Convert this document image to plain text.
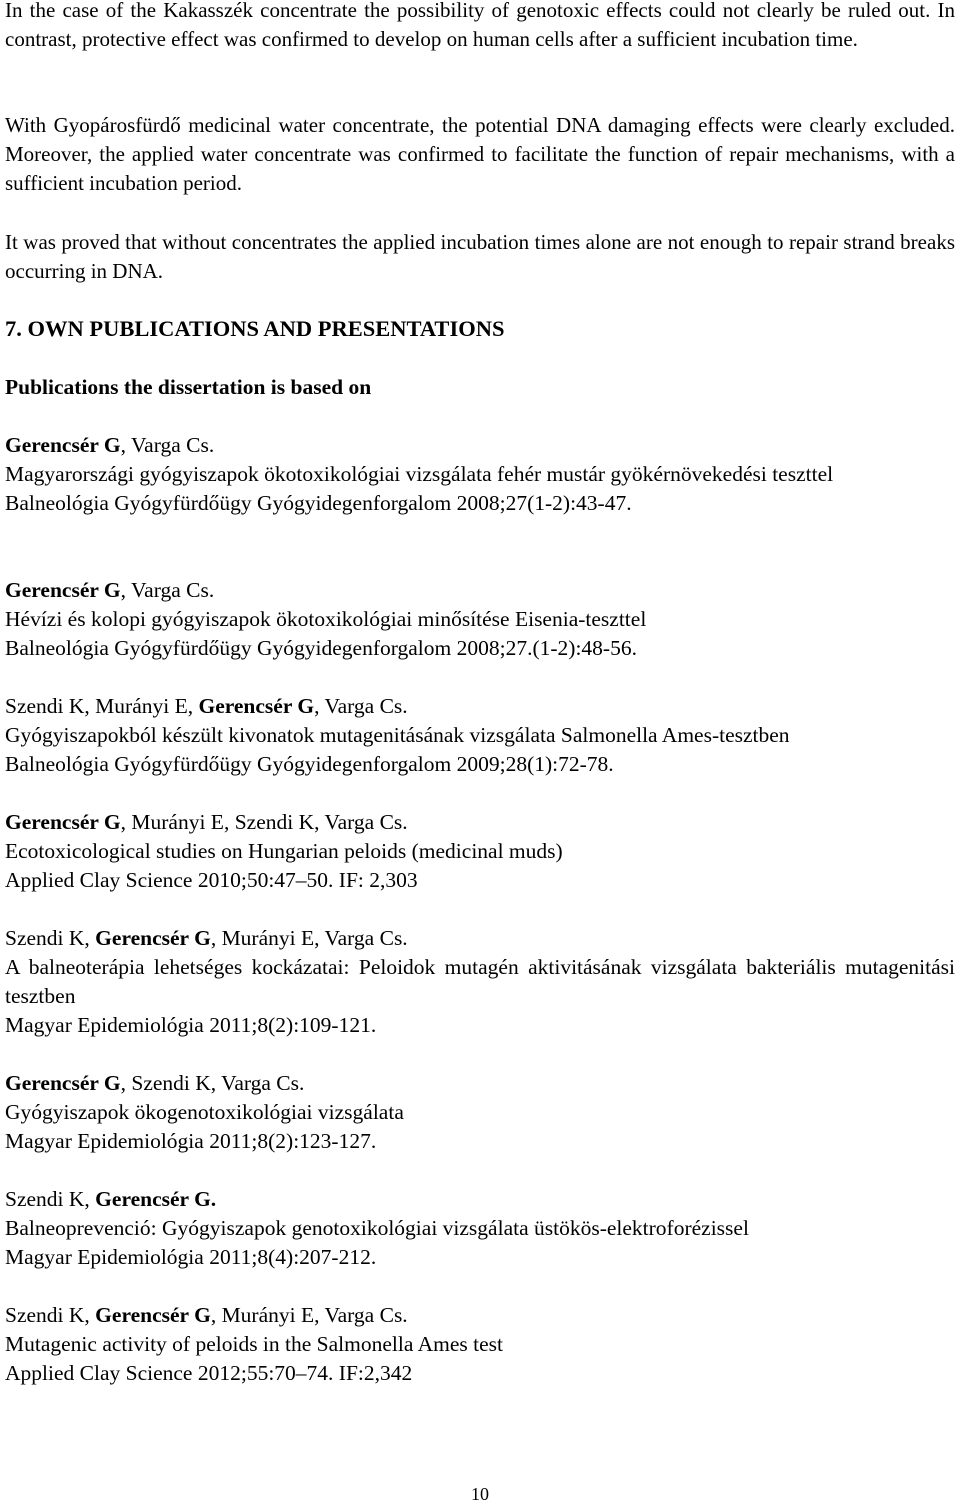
In the case of the Kakasszék concentrate the possibility of genotoxic effects could not clearly be ruled out. In contrast, protective effect was confirmed to develop on human cells after a sufficient incubation time.

With Gyopárosfürdő medicinal water concentrate, the potential DNA damaging effects were clearly excluded. Moreover, the applied water concentrate was confirmed to facilitate the function of repair mechanisms, with a sufficient incubation period.

It was proved that without concentrates the applied incubation times alone are not enough to repair strand breaks occurring in DNA.

7. OWN PUBLICATIONS AND PRESENTATIONS
Publications the dissertation is based on
Gerencsér G, Varga Cs.
Magyarországi gyógyiszapok ökotoxikológiai vizsgálata fehér mustár gyökérnövekedési teszttel
Balneológia Gyógyfürdőügy Gyógyidegenforgalom 2008;27(1-2):43-47.
Gerencsér G, Varga Cs.
Hévízi és kolopi gyógyiszapok ökotoxikológiai minősítése Eisenia-teszttel
Balneológia Gyógyfürdőügy Gyógyidegenforgalom 2008;27.(1-2):48-56.
Szendi K, Murányi E, Gerencsér G, Varga Cs.
Gyógyiszapokból készült kivonatok mutagenitásának vizsgálata Salmonella Ames-tesztben
Balneológia Gyógyfürdőügy Gyógyidegenforgalom 2009;28(1):72-78.
Gerencsér G, Murányi E, Szendi K, Varga Cs.
Ecotoxicological studies on Hungarian peloids (medicinal muds)
Applied Clay Science 2010;50:47–50. IF: 2,303
Szendi K, Gerencsér G, Murányi E, Varga Cs.
A balneoterápia lehetséges kockázatai: Peloidok mutagén aktivitásának vizsgálata bakteriális mutagenitási tesztben
Magyar Epidemiológia 2011;8(2):109-121.
Gerencsér G, Szendi K, Varga Cs.
Gyógyiszapok ökogenotoxikológiai vizsgálata
Magyar Epidemiológia 2011;8(2):123-127.
Szendi K, Gerencsér G.
Balneoprevenció: Gyógyiszapok genotoxikológiai vizsgálata üstökös-elektroforézissel
Magyar Epidemiológia 2011;8(4):207-212.
Szendi K, Gerencsér G, Murányi E, Varga Cs.
Mutagenic activity of peloids in the Salmonella Ames test
Applied Clay Science 2012;55:70–74. IF:2,342
10
